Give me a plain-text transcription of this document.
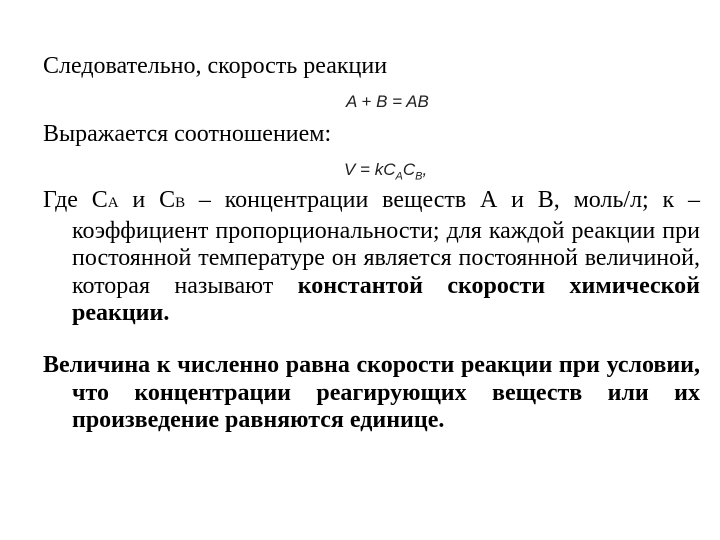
Следовательно, скорость реакции
A + B = AB
Выражается соотношением:
$V = kC_AC_B$,
Где СА и СВ – концентрации веществ А и В, моль/л; к – коэффициент пропорциональности; для каждой реакции при постоянной температуре он является постоянной величиной, которая называют константой скорости химической реакции.
Величина к численно равна скорости реакции при условии, что концентрации реагирующих веществ или их произведение равняются единице.
